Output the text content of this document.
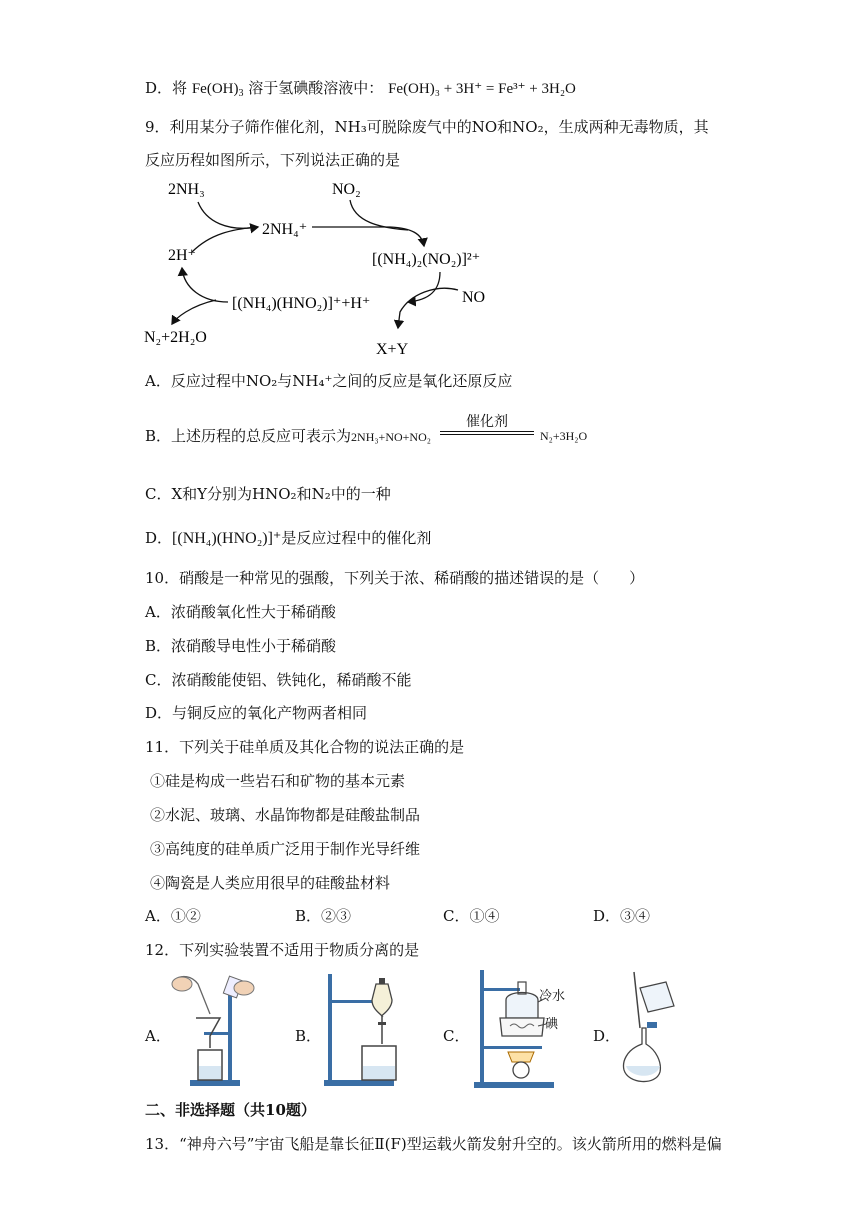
D．将 $Fe(OH)_3$ 溶于氢碘酸溶液中： Fe(OH)₃ + 3H⁺ = Fe³⁺ + 3H₂O
9．利用某分子筛作催化剂，NH₃可脱除废气中的NO和NO₂，生成两种无毒物质，其
反应历程如图所示，下列说法正确的是
2NH₃	NO₂
2NH₄⁺
2H⁺	[(NH₄)₂(NO₂)]²⁺
[(NH₄)(HNO₂)]⁺+H⁺	NO
N₂+2H₂O
X+Y
A．反应过程中NO₂与NH₄⁺之间的反应是氧化还原反应
B．上述历程的总反应可表示为2NH₃+NO+NO₂
催化剂
N₂+3H₂O
C．X和Y分别为HNO₂和N₂中的一种
D．[(NH₄)(HNO₂)]⁺是反应过程中的催化剂
10．硝酸是一种常见的强酸，下列关于浓、稀硝酸的描述错误的是（　　）
A．浓硝酸氧化性大于稀硝酸
B．浓硝酸导电性小于稀硝酸
C．浓硝酸能使铝、铁钝化，稀硝酸不能
D．与铜反应的氧化产物两者相同
11．下列关于硅单质及其化合物的说法正确的是
①硅是构成一些岩石和矿物的基本元素
②水泥、玻璃、水晶饰物都是硅酸盐制品
③高纯度的硅单质广泛用于制作光导纤维
④陶瓷是人类应用很早的硅酸盐材料
A．①②	B．②③	C．①④	D．③④
12．下列实验装置不适用于物质分离的是
A．	B．	C．	D．
冷水
碘
二、非选择题（共10题）
13．“神舟六号”宇宙飞船是靠长征Ⅱ(F)型运载火箭发射升空的。该火箭所用的燃料是偏
